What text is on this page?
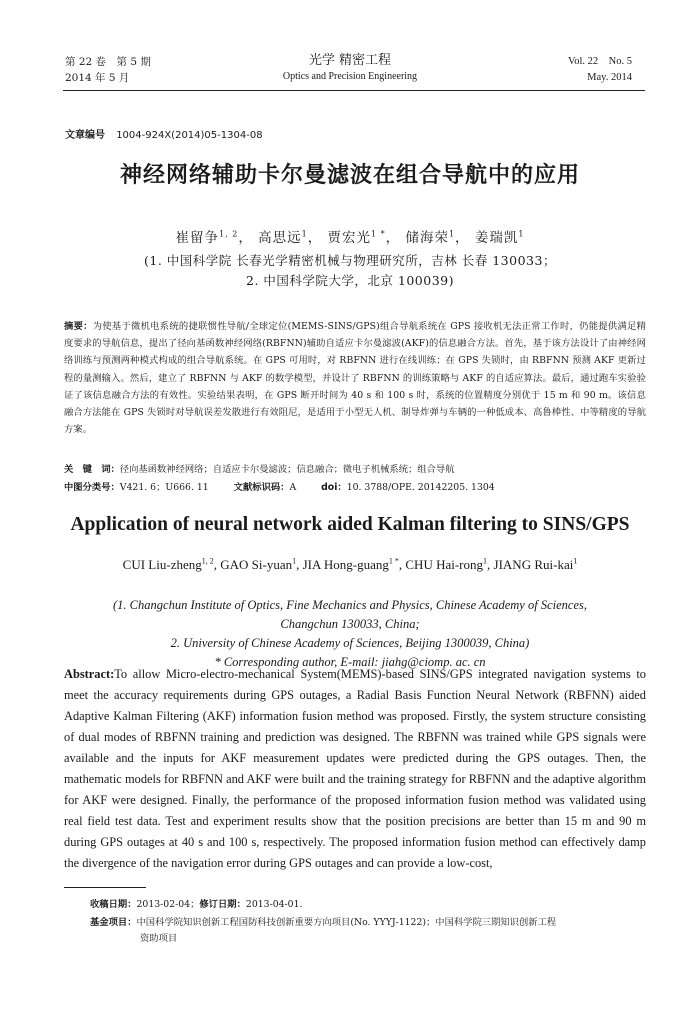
第 22 卷　第 5 期
2014 年 5 月
光学 精密工程
Optics and Precision Engineering
Vol. 22　No. 5
May. 2014
文章编号 1004-924X(2014)05-1304-08
神经网络辅助卡尔曼滤波在组合导航中的应用
崔留争$^{1, 2}$， 高思远$^1$， 贾宏光$^{1 *}$， 储海荣$^1$， 姜瑞凯$^1$
(1. 中国科学院 长春光学精密机械与物理研究所，吉林 长春 130033；
2. 中国科学院大学，北京 100039)
摘要：为使基于微机电系统的捷联惯性导航/全球定位(MEMS-SINS/GPS)组合导航系统在 GPS 接收机无法正常工作时，仍能提供满足精度要求的导航信息，提出了径向基函数神经网络(RBFNN)辅助自适应卡尔曼滤波(AKF)的信息融合方法。首先，基于该方法设计了由神经网络训练与预测两种模式构成的组合导航系统。在 GPS 可用时，对 RBFNN 进行在线训练；在 GPS 失锁时，由 RBFNN 预测 AKF 更新过程的量测输入。然后，建立了 RBFNN 与 AKF 的数学模型，并设计了 RBFNN 的训练策略与 AKF 的自适应算法。最后，通过跑车实验验证了该信息融合方法的有效性。实验结果表明，在 GPS 断开时间为 40 s 和 100 s 时，系统的位置精度分别优于 15 m 和 90 m。该信息融合方法能在 GPS 失锁时对导航误差发散进行有效阻尼，是适用于小型无人机、制导炸弹与车辆的一种低成本、高鲁棒性、中等精度的导航方案。
关　键　词：径向基函数神经网络；自适应卡尔曼滤波；信息融合；微电子机械系统；组合导航
中图分类号：V421. 6；U666. 11	文献标识码：A	doi：10. 3788/OPE. 20142205. 1304
Application of neural network aided Kalman filtering to SINS/GPS
CUI Liu-zheng$^{1, 2}$, GAO Si-yuan$^1$, JIA Hong-guang$^{1 *}$, CHU Hai-rong$^1$, JIANG Rui-kai$^1$
(1. Changchun Institute of Optics, Fine Mechanics and Physics, Chinese Academy of Sciences,
Changchun 130033, China;
2. University of Chinese Academy of Sciences, Beijing 1300039, China)
* Corresponding author, E-mail: jiahg@ciomp. ac. cn
Abstract:To allow Micro-electro-mechanical System(MEMS)-based SINS/GPS integrated navigation systems to meet the accuracy requirements during GPS outages, a Radial Basis Function Neural Network (RBFNN) aided Adaptive Kalman Filtering (AKF) information fusion method was proposed. Firstly, the system structure consisting of dual modes of RBFNN training and prediction was designed. The RBFNN was trained while GPS signals were available and the inputs for AKF measurement updates were predicted during the GPS outages. Then, the mathematic models for RBFNN and AKF were built and the training strategy for RBFNN and the adaptive algorithm for AKF were designed. Finally, the performance of the proposed information fusion method was validated using real field test data. Test and experiment results show that the position precisions are better than 15 m and 90 m during GPS outages at 40 s and 100 s, respectively. The proposed information fusion method can effectively damp the divergence of the navigation error during GPS outages and can provide a low-cost,
收稿日期：2013-02-04；修订日期：2013-04-01.
基金项目：中国科学院知识创新工程国防科技创新重要方向项目(No. YYYJ-1122)；中国科学院三期知识创新工程
资助项目
